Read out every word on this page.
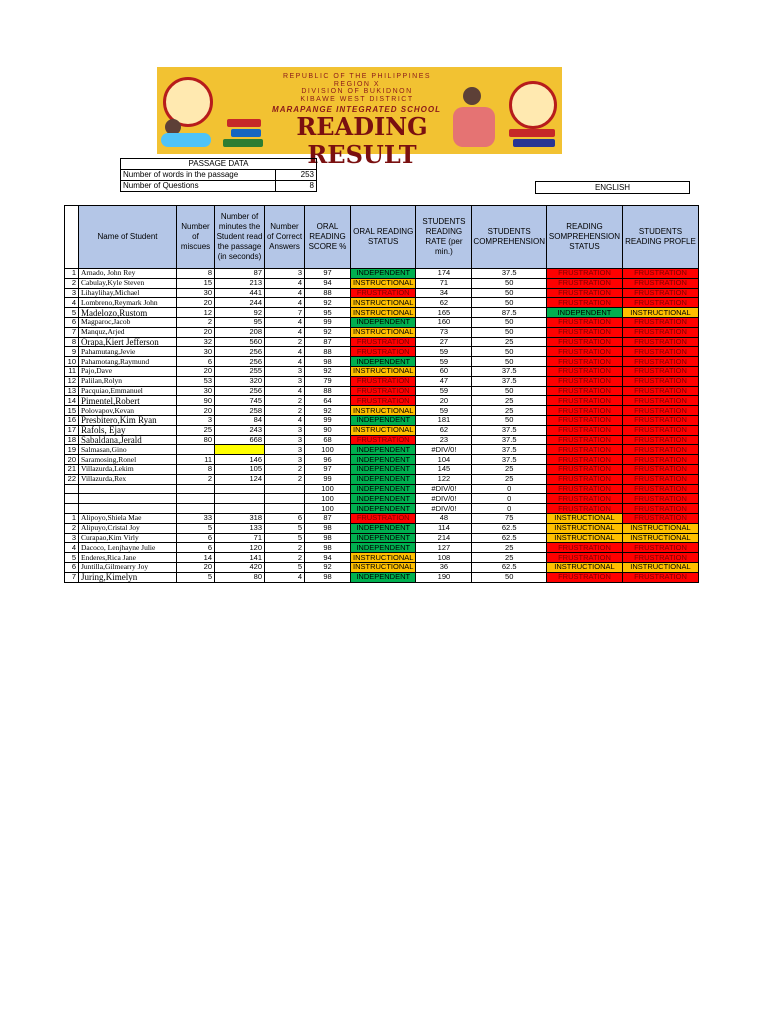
REPUBLIC OF THE PHILIPPINES
REGION X
DIVISION OF BUKIDNON
KIBAWE WEST DISTRICT
MARAPANGE INTEGRATED SCHOOL
READING RESULT
PASSAGE DATA	
Number of words in the passage	253
Number of Questions	8	ENGLISH
	Name of Student	Number of miscues	Number of minutes the Student read the passage (in seconds)	Number of Correct Answers	ORAL READING SCORE %	ORAL READING STATUS	STUDENTS READING RATE (per min.)	STUDENTS COMPREHENSION	READING SOMPREHENSION STATUS	STUDENTS READING PROFLE
1	Arnado, John Rey	8	87	3	97	INDEPENDENT	174	37.5	FRUSTRATION	FRUSTRATION
2	Cabulay,Kyle Steven	15	213	4	94	INSTRUCTIONAL	71	50	FRUSTRATION	FRUSTRATION
3	Lihaylihay,Michael	30	441	4	88	FRUSTRATION	34	50	FRUSTRATION	FRUSTRATION
4	Lombreno,Reymark John	20	244	4	92	INSTRUCTIONAL	62	50	FRUSTRATION	FRUSTRATION
5	Madelozo,Rustom	12	92	7	95	INSTRUCTIONAL	165	87.5	INDEPENDENT	INSTRUCTIONAL
6	Magparoc,Jacob	2	95	4	99	INDEPENDENT	160	50	FRUSTRATION	FRUSTRATION
7	Manquz,Arjed	20	208	4	92	INSTRUCTIONAL	73	50	FRUSTRATION	FRUSTRATION
8	Orapa,Kiert Jefferson	32	560	2	87	FRUSTRATION	27	25	FRUSTRATION	FRUSTRATION
9	Pahamutang,Jevie	30	256	4	88	FRUSTRATION	59	50	FRUSTRATION	FRUSTRATION
10	Pahamotang,Raymund	6	256	4	98	INDEPENDENT	59	50	FRUSTRATION	FRUSTRATION
11	Pajo,Dave	20	255	3	92	INSTRUCTIONAL	60	37.5	FRUSTRATION	FRUSTRATION
12	Palilan,Rolyn	53	320	3	79	FRUSTRATION	47	37.5	FRUSTRATION	FRUSTRATION
13	Pacquiao,Emmanuel	30	256	4	88	FRUSTRATION	59	50	FRUSTRATION	FRUSTRATION
14	Pimentel,Robert	90	745	2	64	FRUSTRATION	20	25	FRUSTRATION	FRUSTRATION
15	Polovapov,Kevan	20	258	2	92	INSTRUCTIONAL	59	25	FRUSTRATION	FRUSTRATION
16	Presbitero,Kim Ryan	3	84	4	99	INDEPENDENT	181	50	FRUSTRATION	FRUSTRATION
17	Rafols, Ejay	25	243	3	90	INSTRUCTIONAL	62	37.5	FRUSTRATION	FRUSTRATION
18	Sabaldana,Jerald	80	668	3	68	FRUSTRATION	23	37.5	FRUSTRATION	FRUSTRATION
19	Salmasan,Gino			3	100	INDEPENDENT	#DIV/0!	37.5	FRUSTRATION	FRUSTRATION
20	Saramosing,Ronel	11	146	3	96	INDEPENDENT	104	37.5	FRUSTRATION	FRUSTRATION
21	Villazurda,Lekim	8	105	2	97	INDEPENDENT	145	25	FRUSTRATION	FRUSTRATION
22	Villazurda,Rex	2	124	2	99	INDEPENDENT	122	25	FRUSTRATION	FRUSTRATION
					100	INDEPENDENT	#DIV/0!	0	FRUSTRATION	FRUSTRATION
					100	INDEPENDENT	#DIV/0!	0	FRUSTRATION	FRUSTRATION
					100	INDEPENDENT	#DIV/0!	0	FRUSTRATION	FRUSTRATION
1	Alipoyo,Shiela Mae	33	318	6	87	FRUSTRATION	48	75	INSTRUCTIONAL	FRUSTRATION
2	Alipuyo,Cristal Joy	5	133	5	98	INDEPENDENT	114	62.5	INSTRUCTIONAL	INSTRUCTIONAL
3	Curapao,Kim Virly	6	71	5	98	INDEPENDENT	214	62.5	INSTRUCTIONAL	INSTRUCTIONAL
4	Dacoco, Lenjhayne Julie	6	120	2	98	INDEPENDENT	127	25	FRUSTRATION	FRUSTRATION
5	Enderes,Rica Jane	14	141	2	94	INSTRUCTIONAL	108	25	FRUSTRATION	FRUSTRATION
6	Juntilla,Gilmearry Joy	20	420	5	92	INSTRUCTIONAL	36	62.5	INSTRUCTIONAL	INSTRUCTIONAL
7	Juring,Kimelyn	5	80	4	98	INDEPENDENT	190	50	FRUSTRATION	FRUSTRATION
